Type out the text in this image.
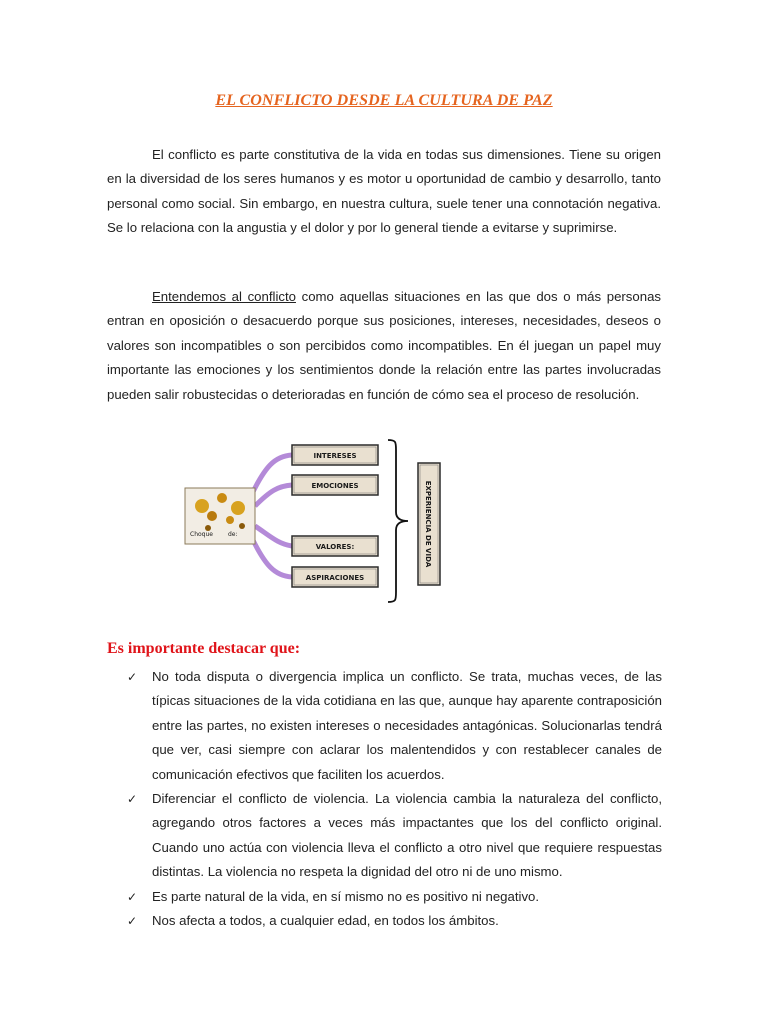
EL CONFLICTO DESDE LA CULTURA DE PAZ

El conflicto es parte constitutiva de la vida en todas sus dimensiones. Tiene su origen en la diversidad de los seres humanos y es motor u oportunidad de cambio y desarrollo, tanto personal como social. Sin embargo, en nuestra cultura, suele tener una connotación negativa. Se lo relaciona con la angustia y el dolor y por lo general tiende a evitarse y suprimirse.

Entendemos al conflicto como aquellas situaciones en las que dos o más personas entran en oposición o desacuerdo porque sus posiciones, intereses, necesidades, deseos o valores son incompatibles o son percibidos como incompatibles. En él juegan un papel muy importante las emociones y los sentimientos donde la relación entre las partes involucradas pueden salir robustecidas o deterioradas en función de cómo sea el proceso de resolución.

Choque	de:
INTERESES
EMOCIONES
VALORES:
ASPIRACIONES
EXPERIENCIA DE VIDA
Es importante destacar que:
✓ No toda disputa o divergencia implica un conflicto. Se trata, muchas veces, de las típicas situaciones de la vida cotidiana en las que, aunque hay aparente contraposición entre las partes, no existen intereses o necesidades antagónicas. Solucionarlas tendrá que ver, casi siempre con aclarar los malentendidos y con restablecer canales de comunicación efectivos que faciliten los acuerdos.
✓ Diferenciar el conflicto de violencia. La violencia cambia la naturaleza del conflicto, agregando otros factores a veces más impactantes que los del conflicto original. Cuando uno actúa con violencia lleva el conflicto a otro nivel que requiere respuestas distintas. La violencia no respeta la dignidad del otro ni de uno mismo.
✓ Es parte natural de la vida, en sí mismo no es positivo ni negativo.
✓ Nos afecta a todos, a cualquier edad, en todos los ámbitos.
